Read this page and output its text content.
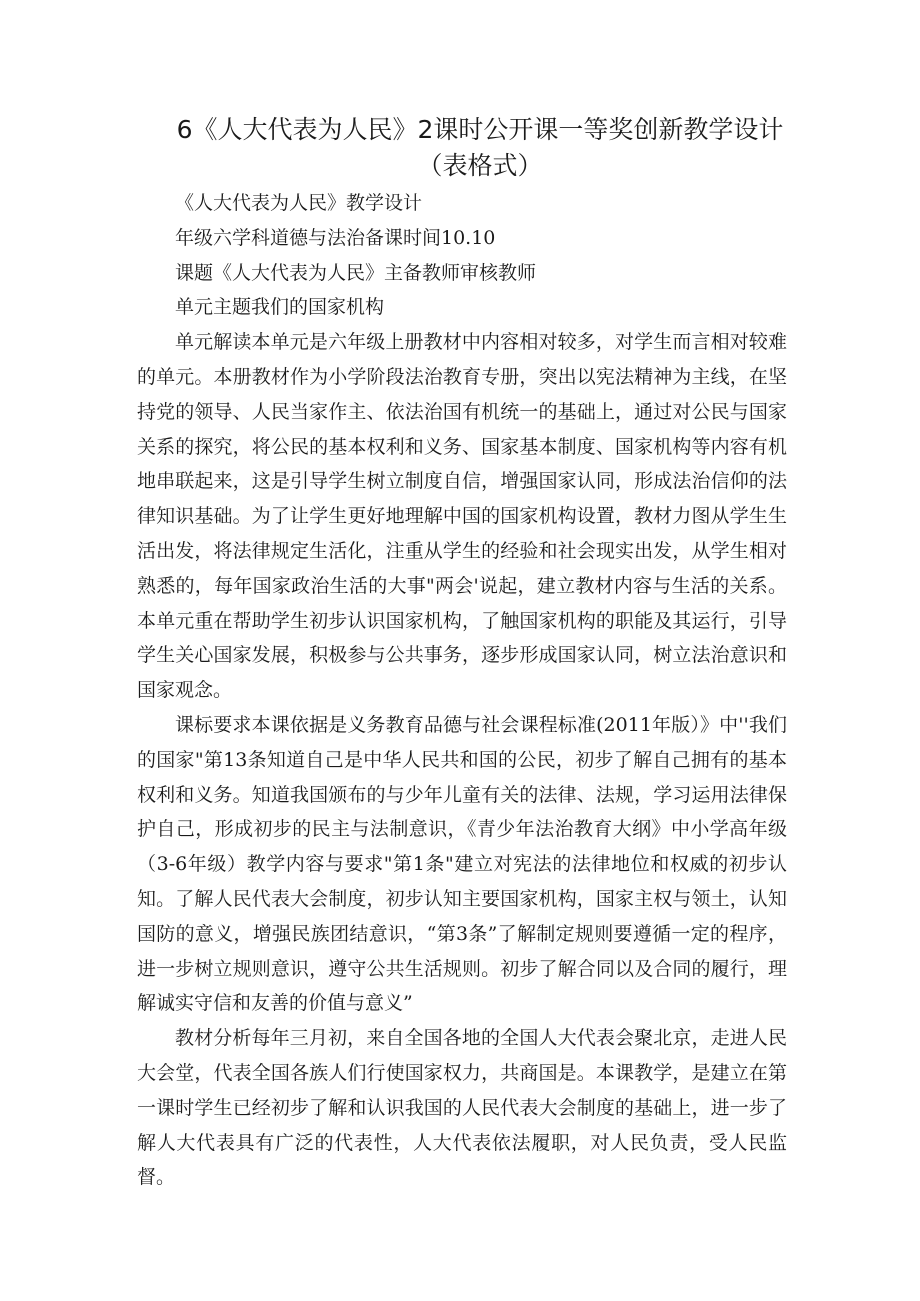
6《人大代表为人民》2课时公开课一等奖创新教学设计
（表格式）

《人大代表为人民》教学设计

年级六学科道德与法治备课时间10.10

课题《人大代表为人民》主备教师审核教师

单元主题我们的国家机构

单元解读本单元是六年级上册教材中内容相对较多，对学生而言相对较难的单元。本册教材作为小学阶段法治教育专册，突出以宪法精神为主线，在坚持党的领导、人民当家作主、依法治国有机统一的基础上，通过对公民与国家关系的探究，将公民的基本权利和义务、国家基本制度、国家机构等内容有机地串联起来，这是引导学生树立制度自信，增强国家认同，形成法治信仰的法律知识基础。为了让学生更好地理解中国的国家机构设置，教材力图从学生生活出发，将法律规定生活化，注重从学生的经验和社会现实出发，从学生相对熟悉的，每年国家政治生活的大事"两会'说起，建立教材内容与生活的关系。本单元重在帮助学生初步认识国家机构，了触国家机构的职能及其运行，引导学生关心国家发展，积极参与公共事务，逐步形成国家认同，树立法治意识和国家观念。

课标要求本课依据是义务教育品德与社会课程标准(2011年版）》中''我们的国家"第13条知道自己是中华人民共和国的公民，初步了解自己拥有的基本权利和义务。知道我国颁布的与少年儿童有关的法律、法规，学习运用法律保护自己，形成初步的民主与法制意识，《青少年法治教育大纲》中小学高年级（3-6年级）教学内容与要求"第1条"建立对宪法的法律地位和权威的初步认知。了解人民代表大会制度，初步认知主要国家机构，国家主权与领土，认知国防的意义，增强民族团结意识，“第3条”了解制定规则要遵循一定的程序，进一步树立规则意识，遵守公共生活规则。初步了解合同以及合同的履行，理解诚实守信和友善的价值与意义”

教材分析每年三月初，来自全国各地的全国人大代表会聚北京，走进人民大会堂，代表全国各族人们行使国家权力，共商国是。本课教学，是建立在第一课时学生已经初步了解和认识我国的人民代表大会制度的基础上，进一步了解人大代表具有广泛的代表性，人大代表依法履职，对人民负责，受人民监督。
